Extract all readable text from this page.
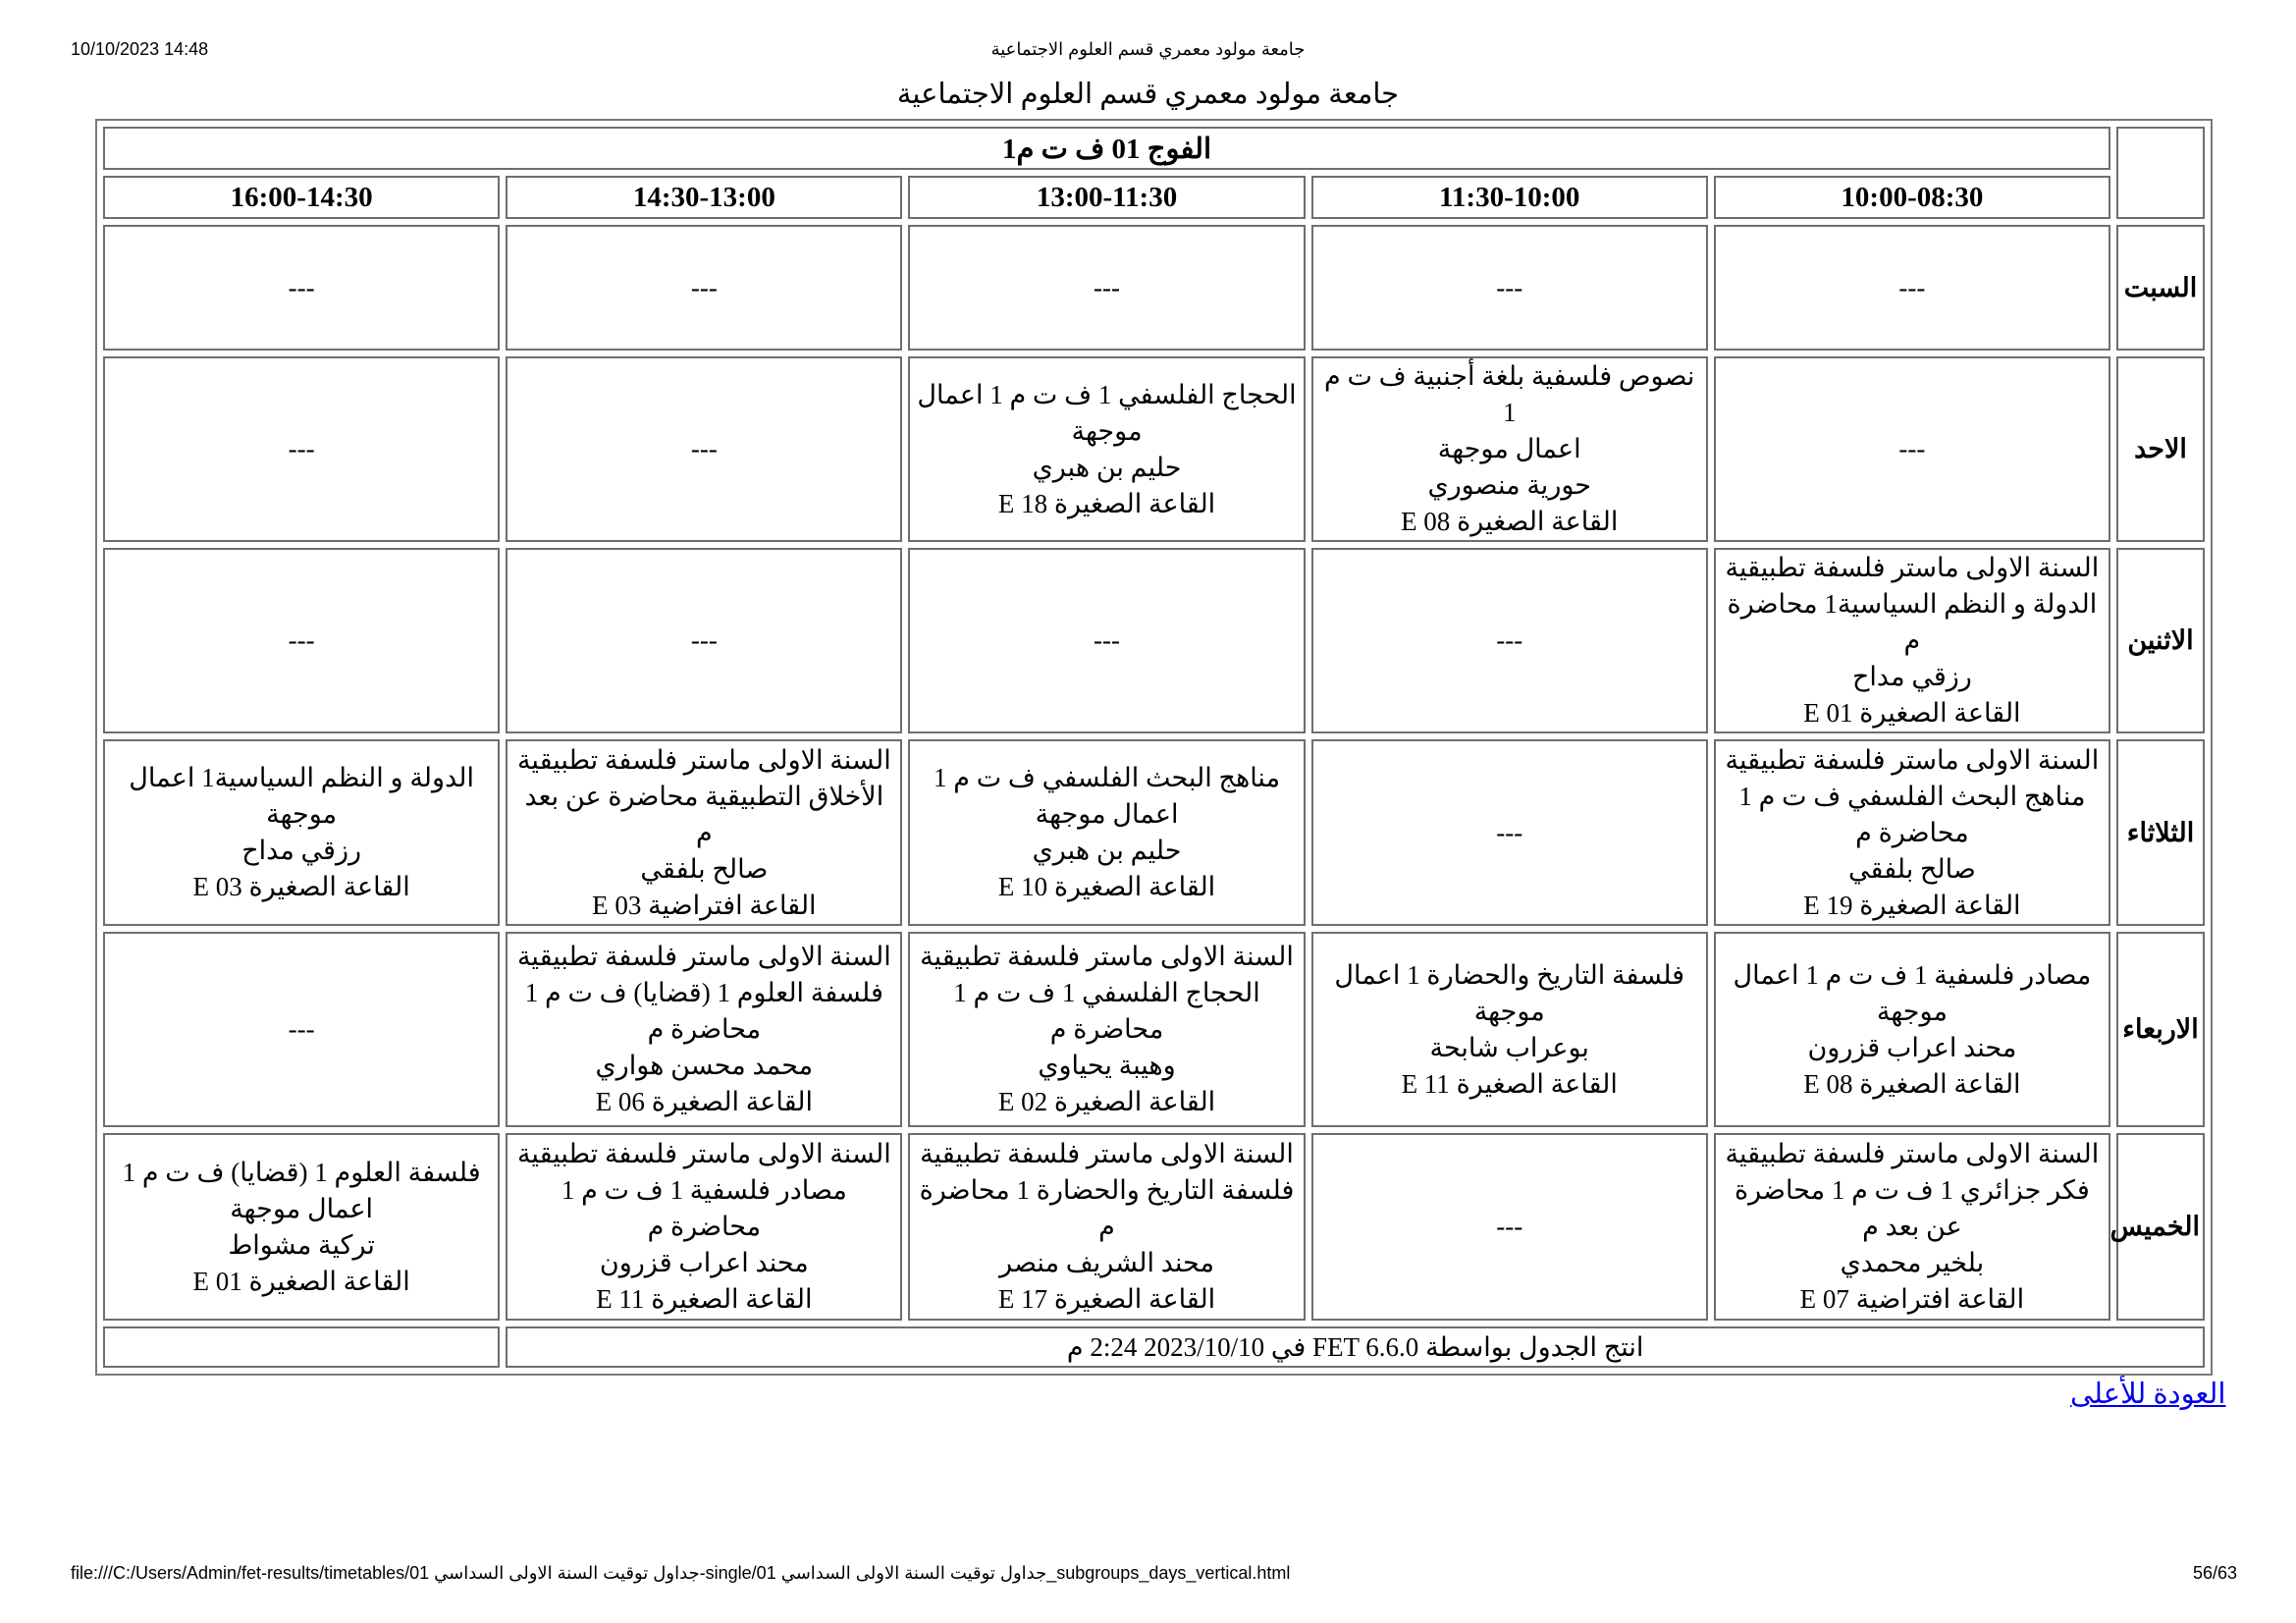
10/10/2023 14:48	جامعة مولود معمري قسم العلوم الاجتماعية
جامعة مولود معمري قسم العلوم الاجتماعية
	الفوج 01 ف ت م1				
	10:00-08:30	11:30-10:00	13:00-11:30	14:30-13:00	16:00-14:30
السبت	---	---	---	---	---

الاحد	---	نصوص فلسفية بلغة أجنبية ف ت م 1
اعمال موجهة
حورية منصوري
القاعة الصغيرة E 08	الحجاج الفلسفي 1 ف ت م 1 اعمال
موجهة
حليم بن هبري
القاعة الصغيرة E 18	---	---

الاثنين	السنة الاولى ماستر فلسفة تطبيقية
الدولة و النظم السياسية1 محاضرة م
رزقي مداح
القاعة الصغيرة E 01	---	---	---	---

الثلاثاء	السنة الاولى ماستر فلسفة تطبيقية
مناهج البحث الفلسفي ف ت م 1
محاضرة م
صالح بلفقي
القاعة الصغيرة E 19	---	مناهج البحث الفلسفي ف ت م 1
اعمال موجهة
حليم بن هبري
القاعة الصغيرة E 10	السنة الاولى ماستر فلسفة تطبيقية
الأخلاق التطبيقية محاضرة عن بعد
م
صالح بلفقي
القاعة افتراضية E 03	الدولة و النظم السياسية1 اعمال
موجهة
رزقي مداح
القاعة الصغيرة E 03

الاربعاء	مصادر فلسفية 1 ف ت م 1 اعمال
موجهة
محند اعراب قزرون
القاعة الصغيرة E 08	فلسفة التاريخ والحضارة 1 اعمال موجهة
بوعراب شابحة
القاعة الصغيرة E 11	السنة الاولى ماستر فلسفة تطبيقية
الحجاج الفلسفي 1 ف ت م 1
محاضرة م
وهيبة يحياوي
القاعة الصغيرة E 02	السنة الاولى ماستر فلسفة تطبيقية
فلسفة العلوم 1 (قضايا) ف ت م 1
محاضرة م
محمد محسن هواري
القاعة الصغيرة E 06	---

الخميس	السنة الاولى ماستر فلسفة تطبيقية
فكر جزائري 1 ف ت م 1 محاضرة
عن بعد م
بلخير محمدي
القاعة افتراضية E 07	---	السنة الاولى ماستر فلسفة تطبيقية
فلسفة التاريخ والحضارة 1 محاضرة
م
محند الشريف منصر
القاعة الصغيرة E 17	السنة الاولى ماستر فلسفة تطبيقية
مصادر فلسفية 1 ف ت م 1
محاضرة م
محند اعراب قزرون
القاعة الصغيرة E 11	فلسفة العلوم 1 (قضايا) ف ت م 1
اعمال موجهة
تركية مشواط
القاعة الصغيرة E 01

انتج الجدول بواسطة FET 6.6.0 في 2023/10/10 2:24 م					
العودة للأعلى
file:///C:/Users/Admin/fet-results/timetables/01 جداول توقيت السنة الاولى السداسي-single/01 جداول توقيت السنة الاولى السداسي_subgroups_days_vertical.html	56/63
